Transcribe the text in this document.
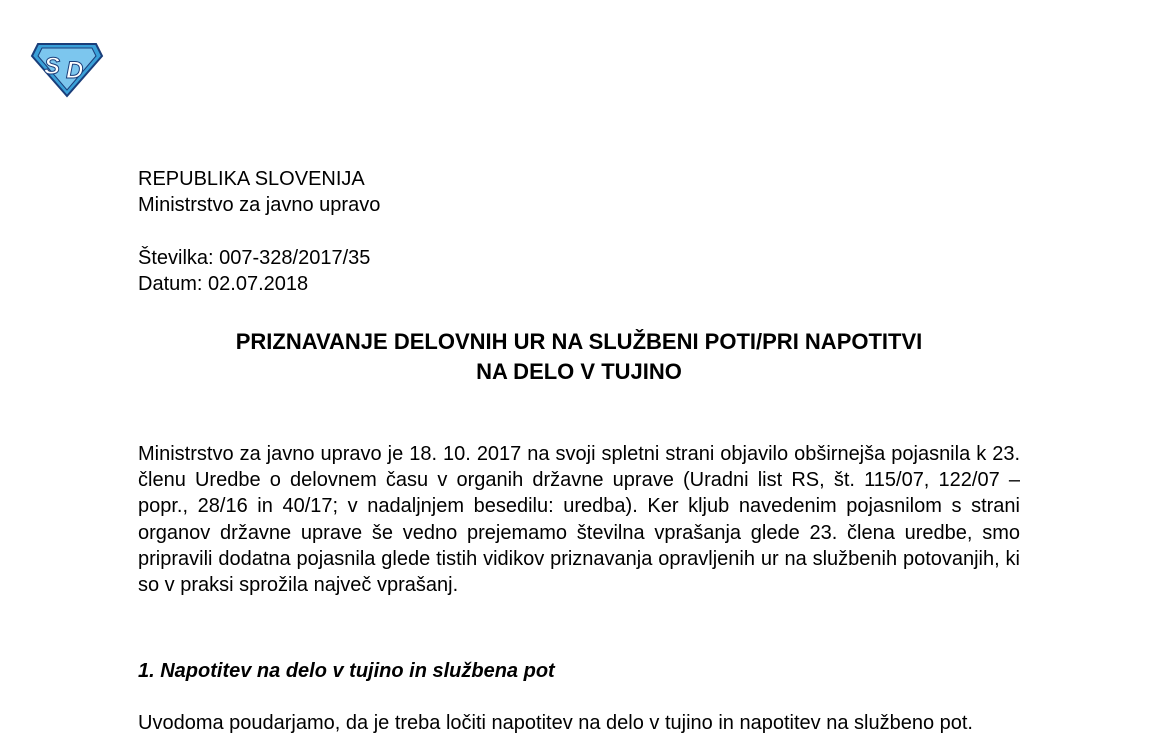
S D
REPUBLIKA SLOVENIJA
Ministrstvo za javno upravo
Številka: 007-328/2017/35
Datum: 02.07.2018
PRIZNAVANJE DELOVNIH UR NA SLUŽBENI POTI/PRI NAPOTITVI
NA DELO V TUJINO
Ministrstvo za javno upravo je 18. 10. 2017 na svoji spletni strani objavilo obširnejša pojasnila k 23. členu Uredbe o delovnem času v organih državne uprave (Uradni list RS, št. 115/07, 122/07 – popr., 28/16 in 40/17; v nadaljnjem besedilu: uredba). Ker kljub navedenim pojasnilom s strani organov državne uprave še vedno prejemamo številna vprašanja glede 23. člena uredbe, smo pripravili dodatna pojasnila glede tistih vidikov priznavanja opravljenih ur na službenih potovanjih, ki so v praksi sprožila največ vprašanj.
1. Napotitev na delo v tujino in službena pot
Uvodoma poudarjamo, da je treba ločiti napotitev na delo v tujino in napotitev na službeno pot.
